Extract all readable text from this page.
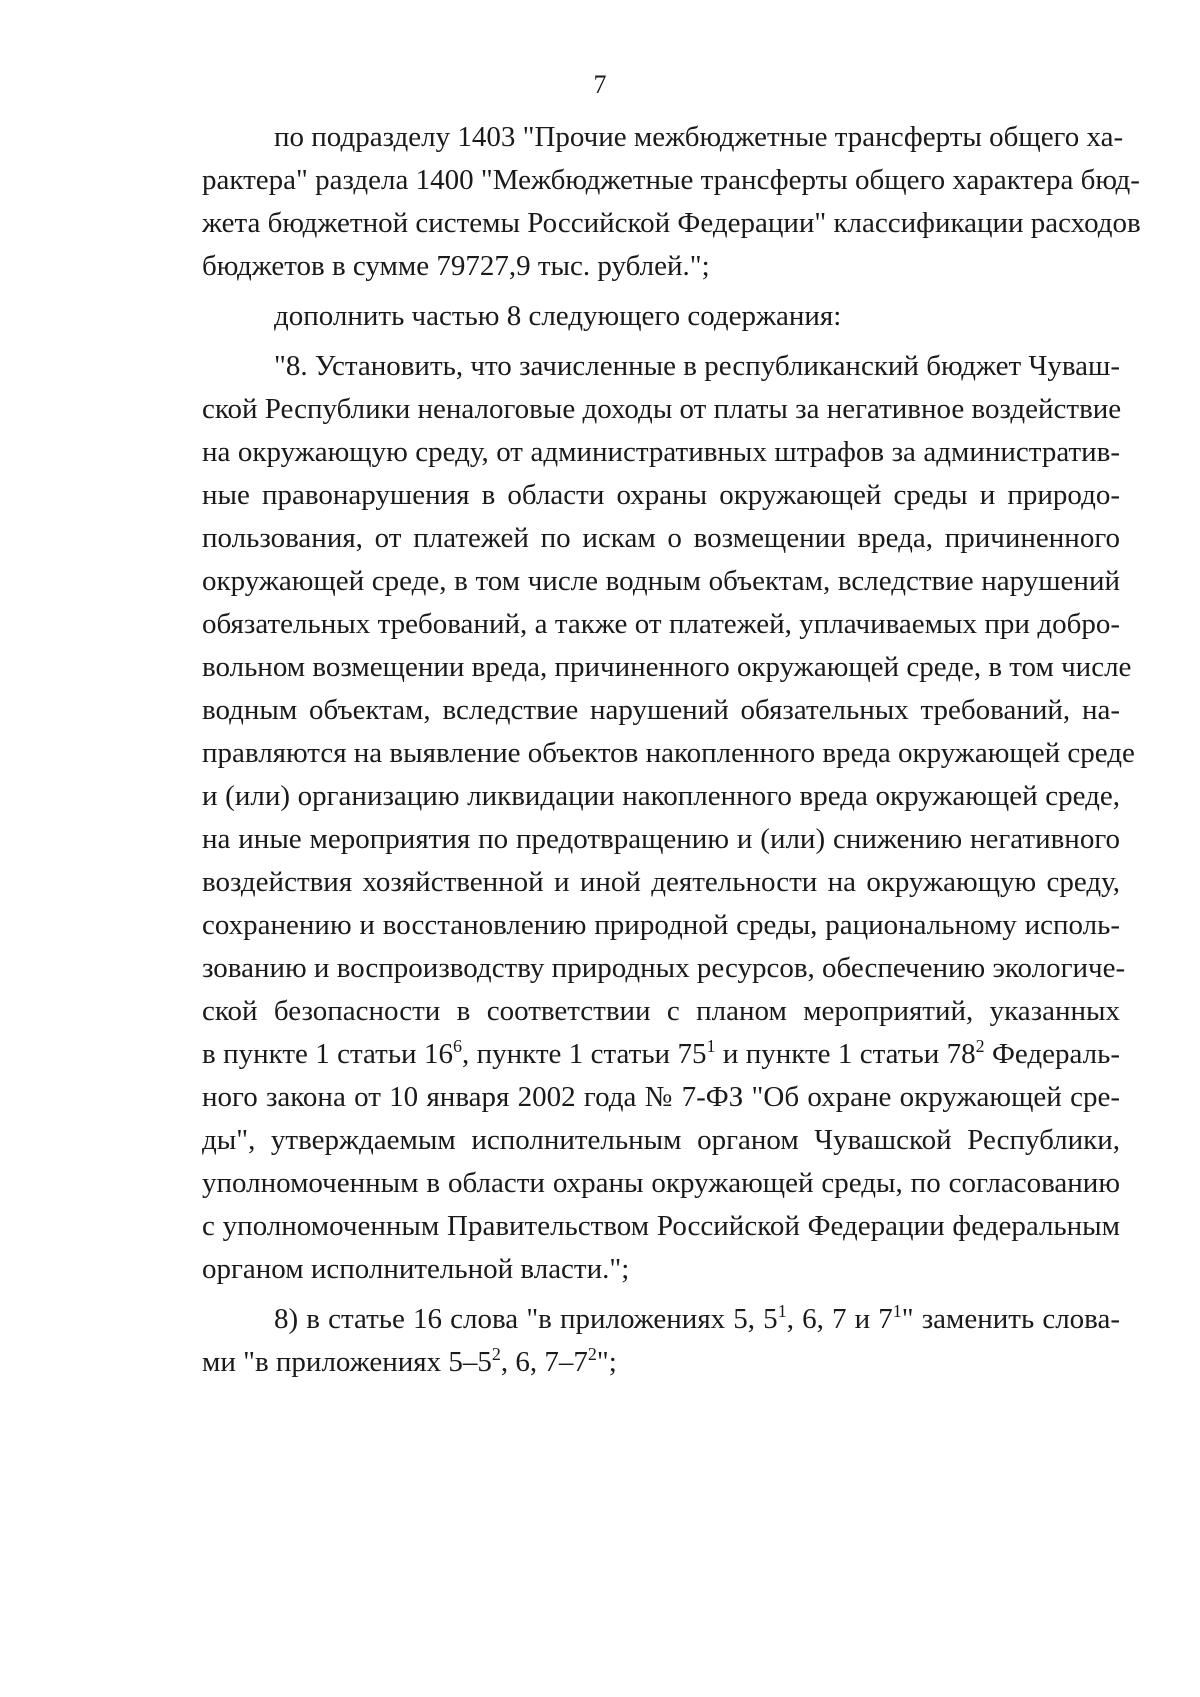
7
по подразделу 1403 "Прочие межбюджетные трансферты общего ха-
рактера" раздела 1400 "Межбюджетные трансферты общего характера бюд-
жета бюджетной системы Российской Федерации" классификации расходов
бюджетов в сумме 79727,9 тыс. рублей.";
дополнить частью 8 следующего содержания:
"8. Установить, что зачисленные в республиканский бюджет Чуваш-
ской Республики неналоговые доходы от платы за негативное воздействие
на окружающую среду, от административных штрафов за административ-
ные правонарушения в области охраны окружающей среды и природо-
пользования, от платежей по искам о возмещении вреда, причиненного
окружающей среде, в том числе водным объектам, вследствие нарушений
обязательных требований, а также от платежей, уплачиваемых при добро-
вольном возмещении вреда, причиненного окружающей среде, в том числе
водным объектам, вследствие нарушений обязательных требований, на-
правляются на выявление объектов накопленного вреда окружающей среде
и (или) организацию ликвидации накопленного вреда окружающей среде,
на иные мероприятия по предотвращению и (или) снижению негативного
воздействия хозяйственной и иной деятельности на окружающую среду,
сохранению и восстановлению природной среды, рациональному исполь-
зованию и воспроизводству природных ресурсов, обеспечению экологиче-
ской безопасности в соответствии с планом мероприятий, указанных
в пункте 1 статьи $16^6$, пункте 1 статьи $75^1$ и пункте 1 статьи $78^2$ Федераль-
ного закона от 10 января 2002 года № 7-ФЗ "Об охране окружающей сре-
ды", утверждаемым исполнительным органом Чувашской Республики,
уполномоченным в области охраны окружающей среды, по согласованию
с уполномоченным Правительством Российской Федерации федеральным
органом исполнительной власти.";
8) в статье 16 слова "в приложениях 5, $5^1$, 6, 7 и $7^1$" заменить слова-
ми "в приложениях $5-5^2$, 6, $7-7^2$";
